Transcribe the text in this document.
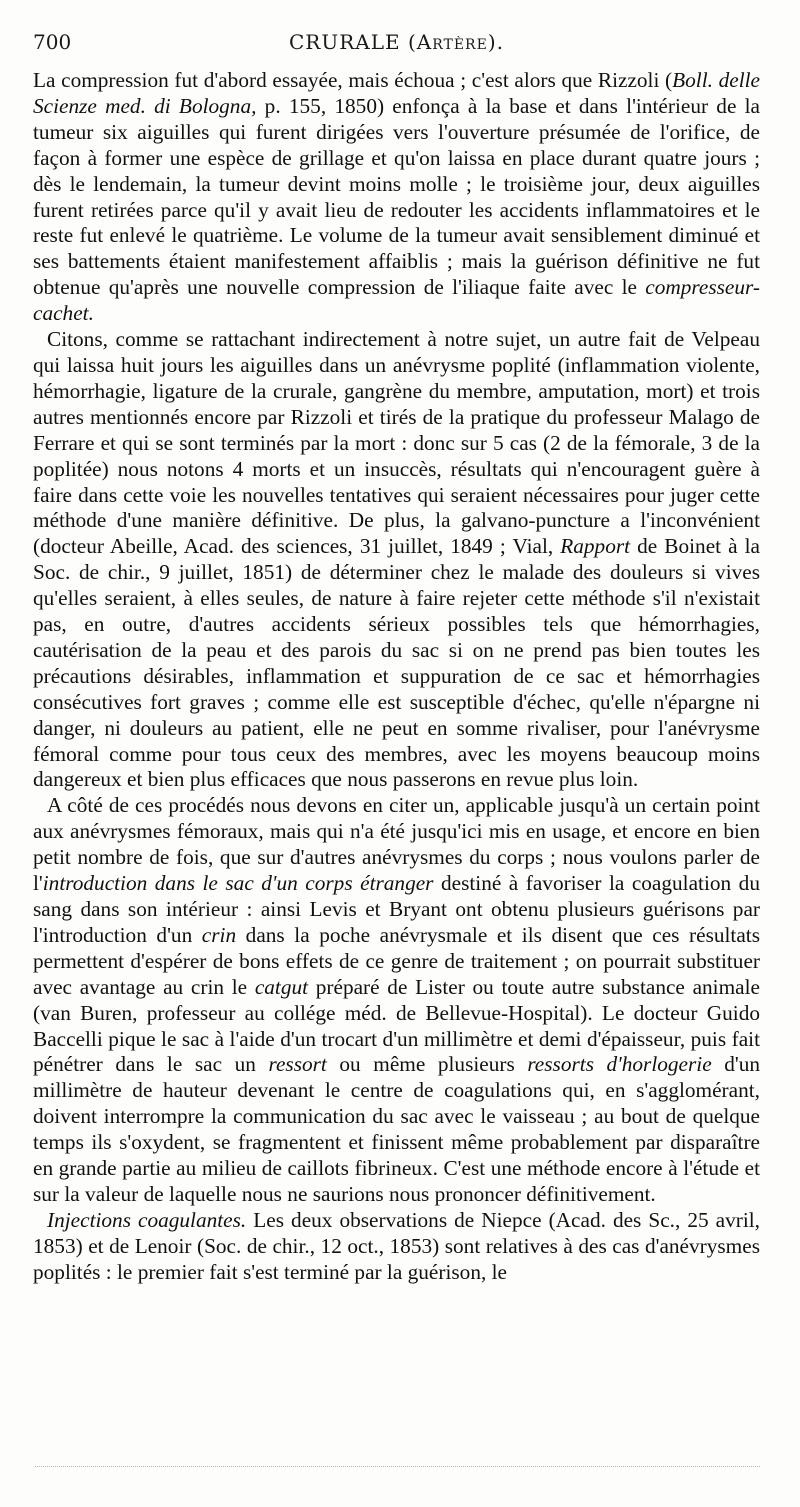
700	CRURALE (Artère).

La compression fut d'abord essayée, mais échoua ; c'est alors que Rizzoli (Boll. delle Scienze med. di Bologna, p. 155, 1850) enfonça à la base et dans l'intérieur de la tumeur six aiguilles qui furent dirigées vers l'ouverture présumée de l'orifice, de façon à former une espèce de grillage et qu'on laissa en place durant quatre jours ; dès le lendemain, la tumeur devint moins molle ; le troisième jour, deux aiguilles furent retirées parce qu'il y avait lieu de redouter les accidents inflammatoires et le reste fut enlevé le quatrième. Le volume de la tumeur avait sensiblement diminué et ses battements étaient manifestement affaiblis ; mais la guérison définitive ne fut obtenue qu'après une nouvelle compression de l'iliaque faite avec le compresseur-cachet.

Citons, comme se rattachant indirectement à notre sujet, un autre fait de Velpeau qui laissa huit jours les aiguilles dans un anévrysme poplité (inflammation violente, hémorrhagie, ligature de la crurale, gangrène du membre, amputation, mort) et trois autres mentionnés encore par Rizzoli et tirés de la pratique du professeur Malago de Ferrare et qui se sont terminés par la mort : donc sur 5 cas (2 de la fémorale, 3 de la poplitée) nous notons 4 morts et un insuccès, résultats qui n'encouragent guère à faire dans cette voie les nouvelles tentatives qui seraient nécessaires pour juger cette méthode d'une manière définitive. De plus, la galvano-puncture a l'inconvénient (docteur Abeille, Acad. des sciences, 31 juillet, 1849 ; Vial, Rapport de Boinet à la Soc. de chir., 9 juillet, 1851) de déterminer chez le malade des douleurs si vives qu'elles seraient, à elles seules, de nature à faire rejeter cette méthode s'il n'existait pas, en outre, d'autres accidents sérieux possibles tels que hémorrhagies, cautérisation de la peau et des parois du sac si on ne prend pas bien toutes les précautions désirables, inflammation et suppuration de ce sac et hémorrhagies consécutives fort graves ; comme elle est susceptible d'échec, qu'elle n'épargne ni danger, ni douleurs au patient, elle ne peut en somme rivaliser, pour l'anévrysme fémoral comme pour tous ceux des membres, avec les moyens beaucoup moins dangereux et bien plus efficaces que nous passerons en revue plus loin.

A côté de ces procédés nous devons en citer un, applicable jusqu'à un certain point aux anévrysmes fémoraux, mais qui n'a été jusqu'ici mis en usage, et encore en bien petit nombre de fois, que sur d'autres anévrysmes du corps ; nous voulons parler de l'introduction dans le sac d'un corps étranger destiné à favoriser la coagulation du sang dans son intérieur : ainsi Levis et Bryant ont obtenu plusieurs guérisons par l'introduction d'un crin dans la poche anévrysmale et ils disent que ces résultats permettent d'espérer de bons effets de ce genre de traitement ; on pourrait substituer avec avantage au crin le catgut préparé de Lister ou toute autre substance animale (van Buren, professeur au collége méd. de Bellevue-Hospital). Le docteur Guido Baccelli pique le sac à l'aide d'un trocart d'un millimètre et demi d'épaisseur, puis fait pénétrer dans le sac un ressort ou même plusieurs ressorts d'horlogerie d'un millimètre de hauteur devenant le centre de coagulations qui, en s'agglomérant, doivent interrompre la communication du sac avec le vaisseau ; au bout de quelque temps ils s'oxydent, se fragmentent et finissent même probablement par disparaître en grande partie au milieu de caillots fibrineux. C'est une méthode encore à l'étude et sur la valeur de laquelle nous ne saurions nous prononcer définitivement.

Injections coagulantes. Les deux observations de Niepce (Acad. des Sc., 25 avril, 1853) et de Lenoir (Soc. de chir., 12 oct., 1853) sont relatives à des cas d'anévrysmes poplités : le premier fait s'est terminé par la guérison, le
